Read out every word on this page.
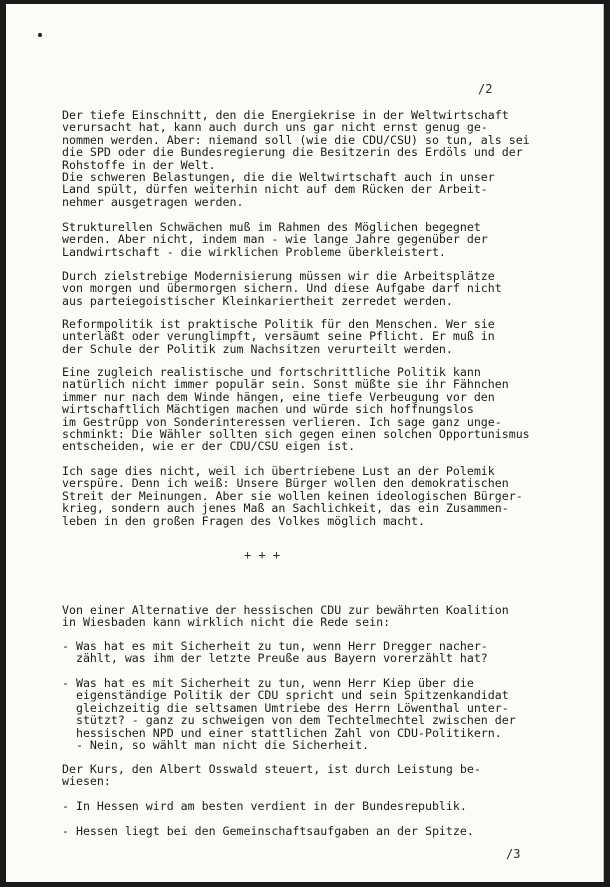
/2

Der tiefe Einschnitt, den die Energiekrise in der Weltwirtschaft
verursacht hat, kann auch durch uns gar nicht ernst genug ge-
nommen werden. Aber: niemand soll (wie die CDU/CSU) so tun, als sei
die SPD oder die Bundesregierung die Besitzerin des Erdöls und der
Rohstoffe in der Welt.
Die schweren Belastungen, die die Weltwirtschaft auch in unser
Land spült, dürfen weiterhin nicht auf dem Rücken der Arbeit-
nehmer ausgetragen werden.

Strukturellen Schwächen muß im Rahmen des Möglichen begegnet
werden. Aber nicht, indem man - wie lange Jahre gegenüber der
Landwirtschaft - die wirklichen Probleme überkleistert.

Durch zielstrebige Modernisierung müssen wir die Arbeitsplätze
von morgen und übermorgen sichern. Und diese Aufgabe darf nicht
aus parteiegoistischer Kleinkariertheit zerredet werden.

Reformpolitik ist praktische Politik für den Menschen. Wer sie
unterläßt oder verunglimpft, versäumt seine Pflicht. Er muß in
der Schule der Politik zum Nachsitzen verurteilt werden.

Eine zugleich realistische und fortschrittliche Politik kann
natürlich nicht immer populär sein. Sonst müßte sie ihr Fähnchen
immer nur nach dem Winde hängen, eine tiefe Verbeugung vor den
wirtschaftlich Mächtigen machen und würde sich hoffnungslos
im Gestrüpp von Sonderinteressen verlieren. Ich sage ganz unge-
schminkt: Die Wähler sollten sich gegen einen solchen Opportunismus
entscheiden, wie er der CDU/CSU eigen ist.

Ich sage dies nicht, weil ich übertriebene Lust an der Polemik
verspüre. Denn ich weiß: Unsere Bürger wollen den demokratischen
Streit der Meinungen. Aber sie wollen keinen ideologischen Bürger-
krieg, sondern auch jenes Maß an Sachlichkeit, das ein Zusammen-
leben in den großen Fragen des Volkes möglich macht.

+ + +

Von einer Alternative der hessischen CDU zur bewährten Koalition
in Wiesbaden kann wirklich nicht die Rede sein:

- Was hat es mit Sicherheit zu tun, wenn Herr Dregger nacher-
zählt, was ihm der letzte Preuße aus Bayern vorerzählt hat?

- Was hat es mit Sicherheit zu tun, wenn Herr Kiep über die
eigenständige Politik der CDU spricht und sein Spitzenkandidat
gleichzeitig die seltsamen Umtriebe des Herrn Löwenthal unter-
stützt? - ganz zu schweigen von dem Techtelmechtel zwischen der
hessischen NPD und einer stattlichen Zahl von CDU-Politikern.
- Nein, so wählt man nicht die Sicherheit.

Der Kurs, den Albert Osswald steuert, ist durch Leistung be-
wiesen:

- In Hessen wird am besten verdient in der Bundesrepublik.

- Hessen liegt bei den Gemeinschaftsaufgaben an der Spitze.

/3
